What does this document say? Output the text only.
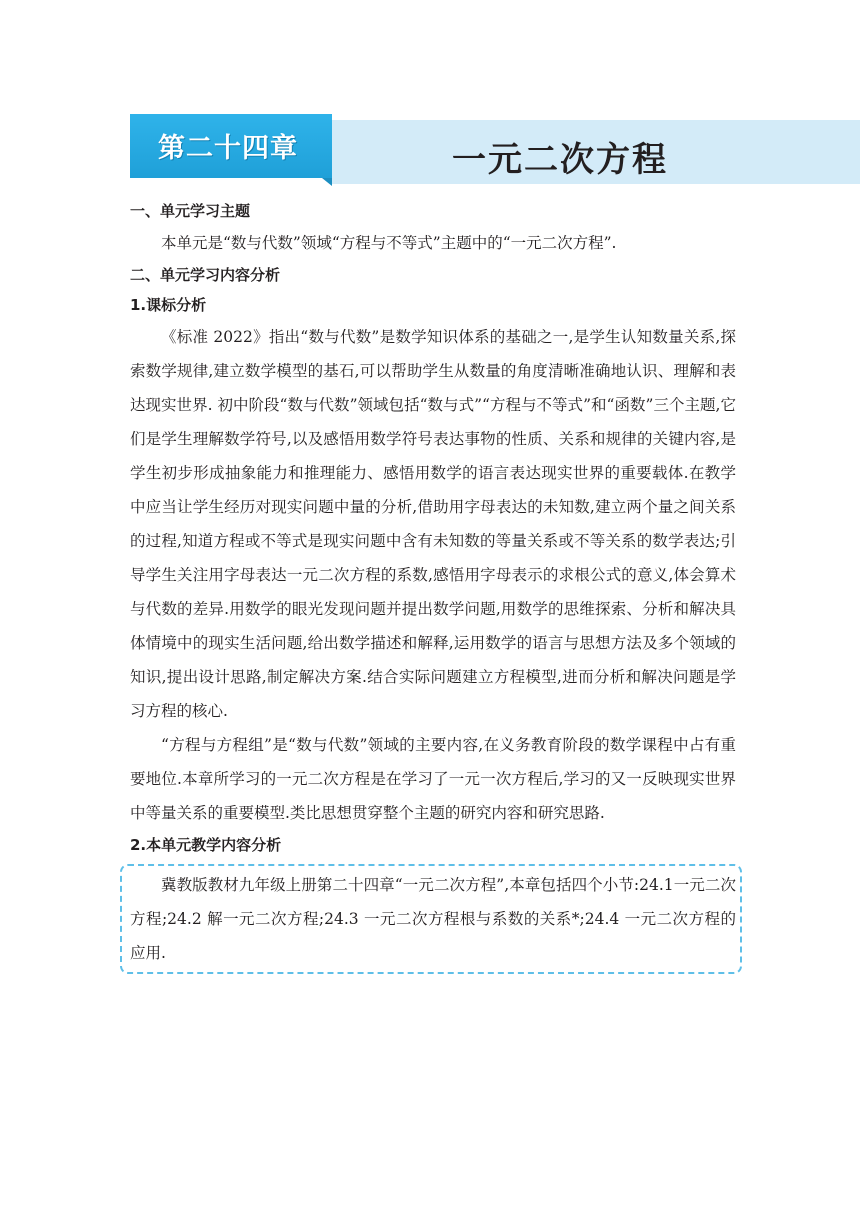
第二十四章	一元二次方程

一、单元学习主题

本单元是“数与代数”领域“方程与不等式”主题中的“一元二次方程”.

二、单元学习内容分析

1.课标分析

《标准 2022》指出“数与代数”是数学知识体系的基础之一,是学生认知数量关系,探索数学规律,建立数学模型的基石,可以帮助学生从数量的角度清晰准确地认识、理解和表达现实世界. 初中阶段“数与代数”领域包括“数与式”“方程与不等式”和“函数”三个主题,它们是学生理解数学符号,以及感悟用数学符号表达事物的性质、关系和规律的关键内容,是学生初步形成抽象能力和推理能力、感悟用数学的语言表达现实世界的重要载体.在教学中应当让学生经历对现实问题中量的分析,借助用字母表达的未知数,建立两个量之间关系的过程,知道方程或不等式是现实问题中含有未知数的等量关系或不等关系的数学表达;引导学生关注用字母表达一元二次方程的系数,感悟用字母表示的求根公式的意义,体会算术与代数的差异.用数学的眼光发现问题并提出数学问题,用数学的思维探索、分析和解决具体情境中的现实生活问题,给出数学描述和解释,运用数学的语言与思想方法及多个领域的知识,提出设计思路,制定解决方案.结合实际问题建立方程模型,进而分析和解决问题是学习方程的核心.

“方程与方程组”是“数与代数”领域的主要内容,在义务教育阶段的数学课程中占有重要地位.本章所学习的一元二次方程是在学习了一元一次方程后,学习的又一反映现实世界中等量关系的重要模型.类比思想贯穿整个主题的研究内容和研究思路.

2.本单元教学内容分析

冀教版教材九年级上册第二十四章“一元二次方程”,本章包括四个小节:24.1一元二次方程;24.2 解一元二次方程;24.3 一元二次方程根与系数的关系*;24.4 一元二次方程的应用.
